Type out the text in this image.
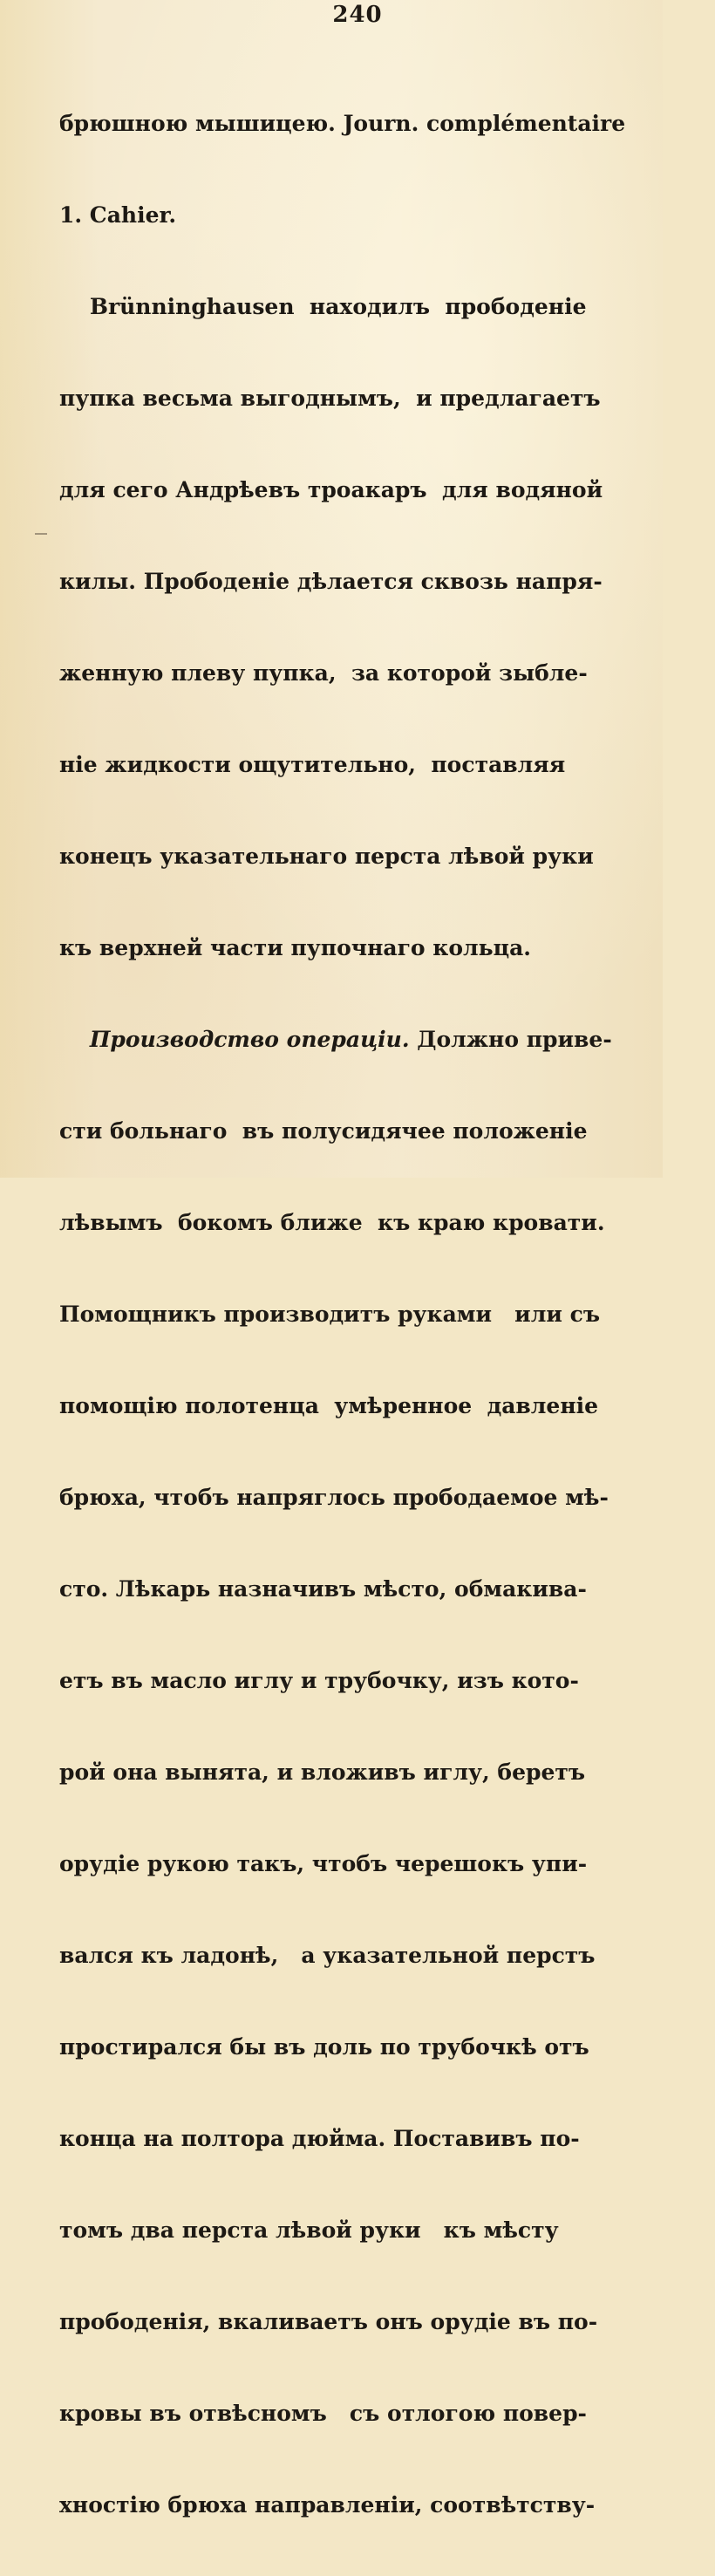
240

брюшною мышицею. Journ. complémentaire

1. Cahier.

Brünninghausen  находилъ  прободеніе

пупка весьма выгоднымъ,  и предлагаетъ

для сего Андрѣевъ троакаръ  для водяной

килы. Прободеніе дѣлается сквозь напря-

женную плеву пупка,  за которой зыбле-

ніе жидкости ощутительно,  поставляя

конецъ указательнаго перста лѣвой руки

къ верхней части пупочнаго кольца.

Производство операціи. Должно приве-

сти больнаго  въ полусидячее положеніе

лѣвымъ  бокомъ ближе  къ краю кровати.

Помощникъ производитъ руками   или съ

помощію полотенца  умѣренное  давленіе

брюха, чтобъ напряглось прободаемое мѣ-

сто. Лѣкарь назначивъ мѣсто, обмакива-

етъ въ масло иглу и трубочку, изъ кото-

рой она вынята, и вложивъ иглу, беретъ

орудіе рукою такъ, чтобъ черешокъ упи-

вался къ ладонѣ,   а указательной перстъ

простирался бы въ доль по трубочкѣ отъ

конца на полтора дюйма. Поставивъ по-

томъ два перста лѣвой руки   къ мѣсту

прободенія, вкаливаетъ онъ орудіе въ по-

кровы въ отвѣсномъ   съ отлогою повер-

хностію брюха направленіи, соотвѣтству-
